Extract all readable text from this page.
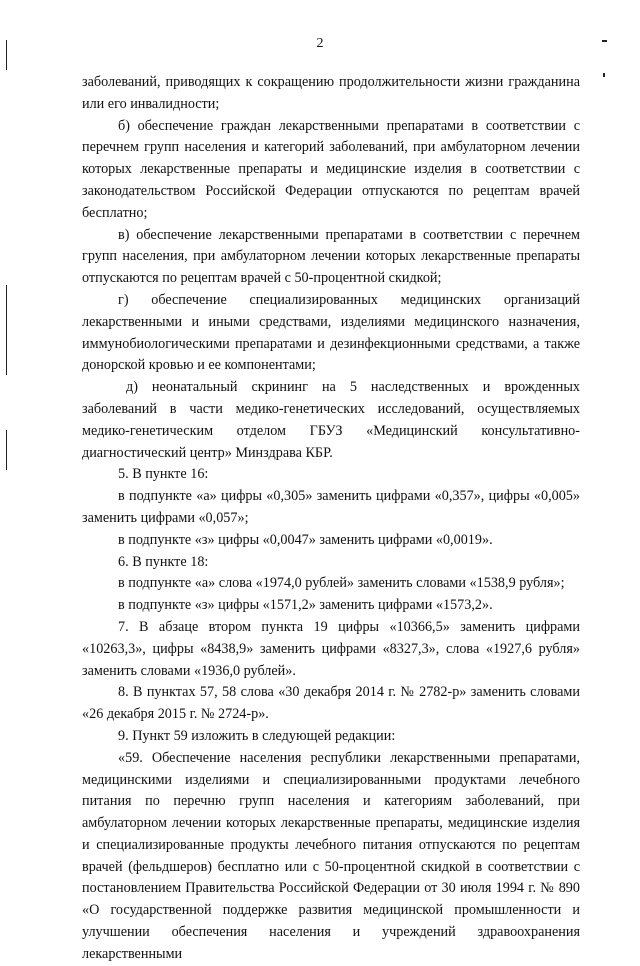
2

заболеваний, приводящих к сокращению продолжительности жизни гражданина или его инвалидности;

б) обеспечение граждан лекарственными препаратами в соответствии с перечнем групп населения и категорий заболеваний, при амбулаторном лечении которых лекарственные препараты и медицинские изделия в соответствии с законодательством Российской Федерации отпускаются по рецептам врачей бесплатно;

в) обеспечение лекарственными препаратами в соответствии с перечнем групп населения, при амбулаторном лечении которых лекарственные препараты отпускаются по рецептам врачей с 50-процентной скидкой;

г) обеспечение специализированных медицинских организаций лекарственными и иными средствами, изделиями медицинского назначения, иммунобиологическими препаратами и дезинфекционными средствами, а также донорской кровью и ее компонентами;

д) неонатальный скрининг на 5 наследственных и врожденных заболеваний в части медико-генетических исследований, осуществляемых медико-генетическим отделом ГБУЗ «Медицинский консультативно-диагностический центр» Минздрава КБР.

5. В пункте 16:

в подпункте «а» цифры «0,305» заменить цифрами «0,357», цифры «0,005» заменить цифрами «0,057»;

в подпункте «з» цифры «0,0047» заменить цифрами «0,0019».

6. В пункте 18:

в подпункте «а» слова «1974,0 рублей» заменить словами «1538,9 рубля»;

в подпункте «з» цифры «1571,2» заменить цифрами «1573,2».

7. В абзаце втором пункта 19 цифры «10366,5» заменить цифрами «10263,3», цифры «8438,9» заменить цифрами «8327,3», слова «1927,6 рубля» заменить словами «1936,0 рублей».

8. В пунктах 57, 58 слова «30 декабря 2014 г. № 2782-р» заменить словами «26 декабря 2015 г. № 2724-р».

9. Пункт 59 изложить в следующей редакции:

«59. Обеспечение населения республики лекарственными препаратами, медицинскими изделиями и специализированными продуктами лечебного питания по перечню групп населения и категориям заболеваний, при амбулаторном лечении которых лекарственные препараты, медицинские изделия и специализированные продукты лечебного питания отпускаются по рецептам врачей (фельдшеров) бесплатно или с 50-процентной скидкой в соответствии с постановлением Правительства Российской Федерации от 30 июля 1994 г. № 890 «О государственной поддержке развития медицинской промышленности и улучшении обеспечения населения и учреждений здравоохранения лекарственными
